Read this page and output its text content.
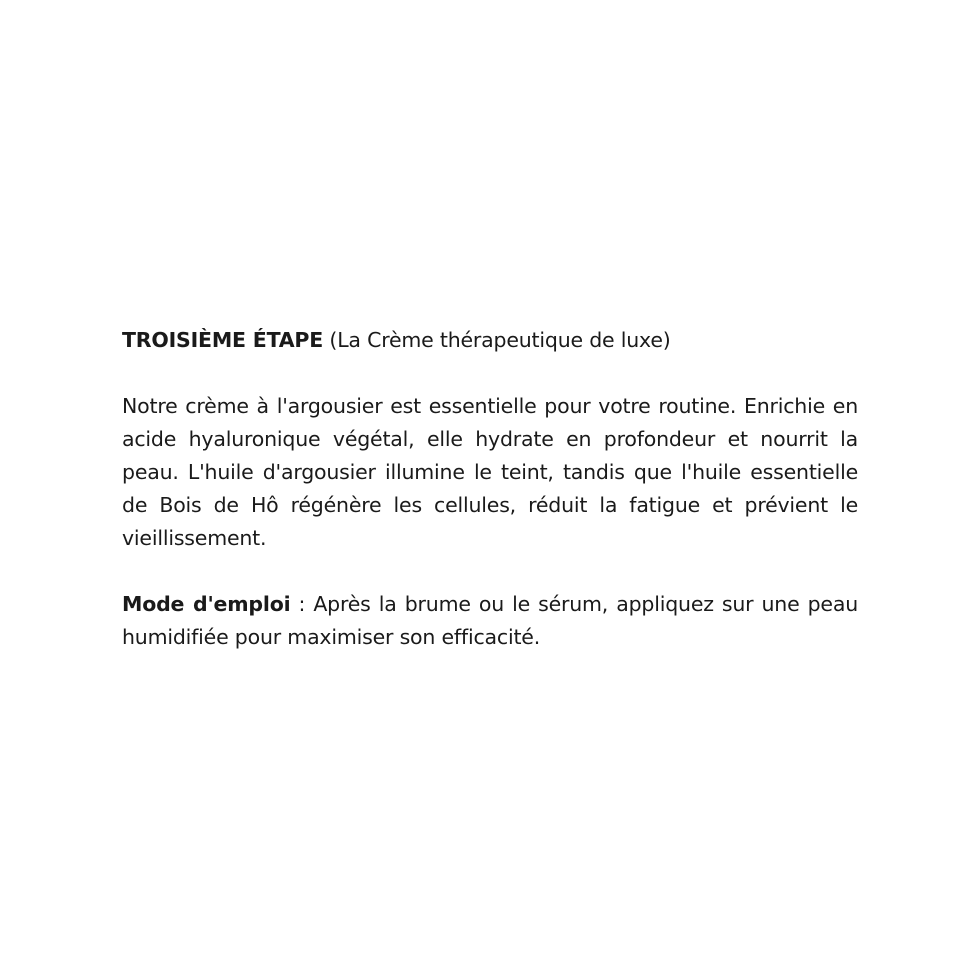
TROISIÈME ÉTAPE (La Crème thérapeutique de luxe)

Notre crème à l'argousier est essentielle pour votre routine. Enrichie en acide hyaluronique végétal, elle hydrate en profondeur et nourrit la peau. L'huile d'argousier illumine le teint, tandis que l'huile essentielle de Bois de Hô régénère les cellules, réduit la fatigue et prévient le vieillissement.

Mode d'emploi : Après la brume ou le sérum, appliquez sur une peau humidifiée pour maximiser son efficacité.
